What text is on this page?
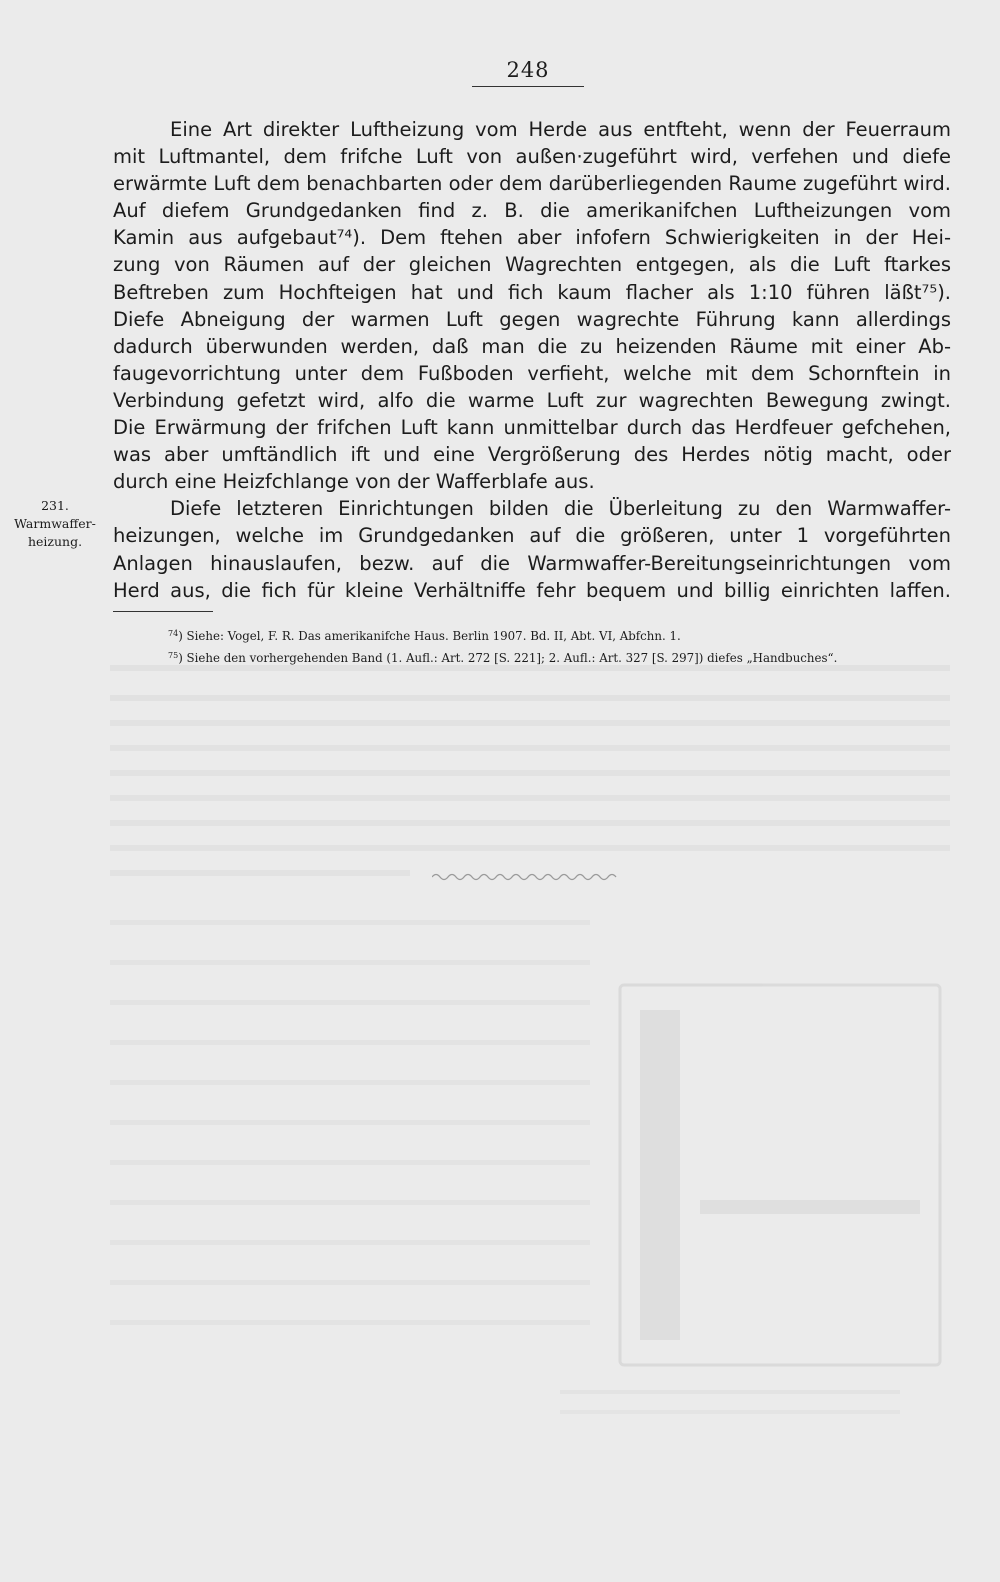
248
Eine Art direkter Luftheizung vom Herde aus entfteht, wenn der Feuerraum
mit Luftmantel, dem frifche Luft von außen·zugeführt wird, verfehen und diefe
erwärmte Luft dem benachbarten oder dem darüberliegenden Raume zugeführt wird.
Auf diefem Grundgedanken find z. B. die amerikanifchen Luftheizungen vom
Kamin aus aufgebaut⁷⁴). Dem ftehen aber infofern Schwierigkeiten in der Hei-
zung von Räumen auf der gleichen Wagrechten entgegen, als die Luft ftarkes
Beftreben zum Hochfteigen hat und fich kaum flacher als 1:10 führen läßt⁷⁵).
Diefe Abneigung der warmen Luft gegen wagrechte Führung kann allerdings
dadurch überwunden werden, daß man die zu heizenden Räume mit einer Ab-
faugevorrichtung unter dem Fußboden verfieht, welche mit dem Schornftein in
Verbindung gefetzt wird, alfo die warme Luft zur wagrechten Bewegung zwingt.
Die Erwärmung der frifchen Luft kann unmittelbar durch das Herdfeuer gefchehen,
was aber umftändlich ift und eine Vergrößerung des Herdes nötig macht, oder
durch eine Heizfchlange von der Wafferblafe aus.
Diefe letzteren Einrichtungen bilden die Überleitung zu den Warmwaffer-
heizungen, welche im Grundgedanken auf die größeren, unter 1 vorgeführten
Anlagen hinauslaufen, bezw. auf die Warmwaffer-Bereitungseinrichtungen vom
Herd aus, die fich für kleine Verhältniffe fehr bequem und billig einrichten laffen.
231.
Warmwaffer-
heizung.
$^{74}$) Siehe: Vogel, F. R. Das amerikanifche Haus. Berlin 1907. Bd. II, Abt. VI, Abfchn. 1.
$^{75}$) Siehe den vorhergehenden Band (1. Aufl.: Art. 272 [S. 221]; 2. Aufl.: Art. 327 [S. 297]) diefes „Handbuches“.
